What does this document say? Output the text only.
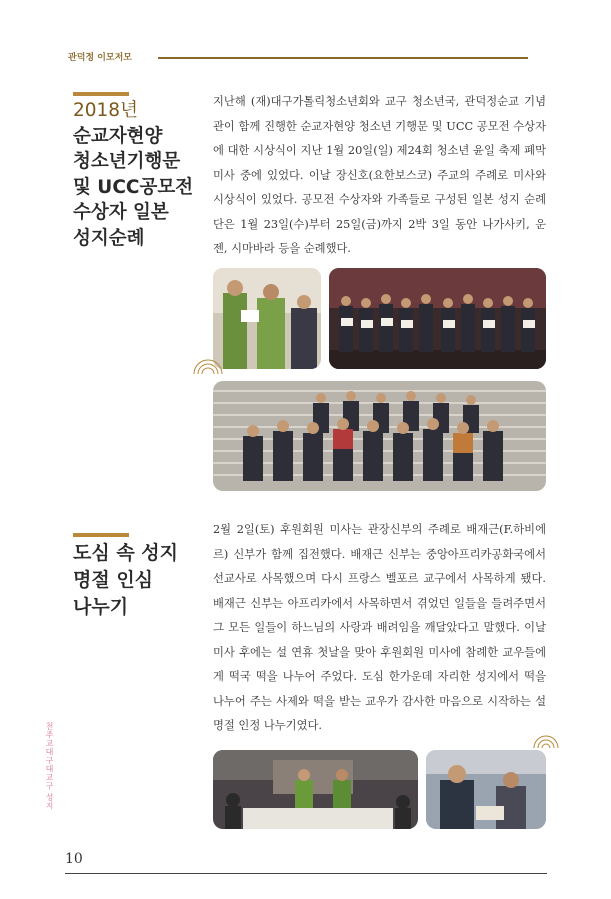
관덕정 이모저모
2018년
순교자현양
청소년기행문
및 UCC공모전
수상자 일본
성지순례

지난해 (재)대구가톨릭청소년회와 교구 청소년국, 관덕정순교 기념관이 함께 진행한 순교자현양 청소년 기행문 및 UCC 공모전 수상자에 대한 시상식이 지난 1월 20일(일) 제24회 청소년 윤일 축제 폐막 미사 중에 있었다. 이날 장신호(요한보스코) 주교의 주례로 미사와 시상식이 있었다. 공모전 수상자와 가족들로 구성된 일본 성지 순례단은 1월 23일(수)부터 25일(금)까지 2박 3일 동안 나가사키, 운젠, 시마바라 등을 순례했다.

도심 속 성지
명절 인심
나누기

2월 2일(토) 후원회원 미사는 관장신부의 주례로 배재근(F.하비에르) 신부가 함께 집전했다. 배재근 신부는 중앙아프리카공화국에서 선교사로 사목했으며 다시 프랑스 벨포르 교구에서 사목하게 됐다. 배재근 신부는 아프리카에서 사목하면서 겪었던 일들을 들려주면서 그 모든 일들이 하느님의 사랑과 배려임을 깨달았다고 말했다. 이날 미사 후에는 설 연휴 첫날을 맞아 후원회원 미사에 참례한 교우들에게 떡국 떡을 나누어 주었다. 도심 한가운데 자리한 성지에서 떡을 나누어 주는 사제와 떡을 받는 교우가 감사한 마음으로 시작하는 설 명절 인정 나누기였다.

천주교대구대교구 성지
10
